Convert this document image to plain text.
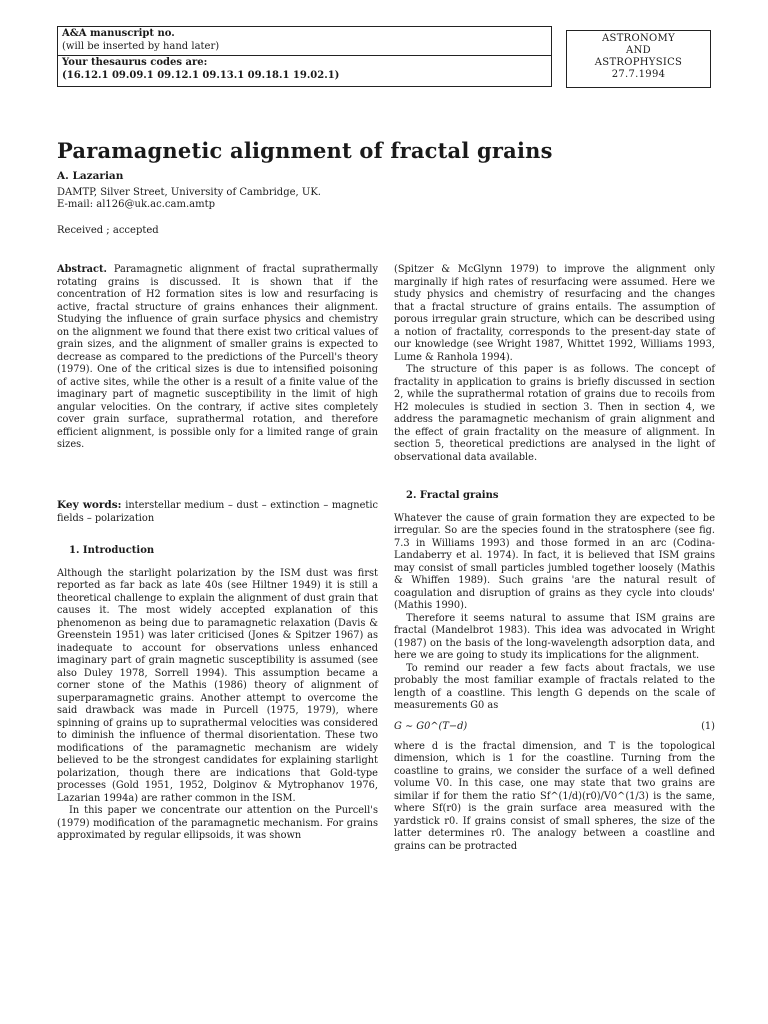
A&A manuscript no.
(will be inserted by hand later)
Your thesaurus codes are:
(16.12.1 09.09.1 09.12.1 09.13.1 09.18.1 19.02.1)
ASTRONOMY
AND
ASTROPHYSICS
27.7.1994
Paramagnetic alignment of fractal grains
A. Lazarian
DAMTP, Silver Street, University of Cambridge, UK.
E-mail: al126@uk.ac.cam.amtp
Received ; accepted

Abstract. Paramagnetic alignment of fractal suprathermally rotating grains is discussed. It is shown that if the concentration of H2 formation sites is low and resurfacing is active, fractal structure of grains enhances their alignment. Studying the influence of grain surface physics and chemistry on the alignment we found that there exist two critical values of grain sizes, and the alignment of smaller grains is expected to decrease as compared to the predictions of the Purcell's theory (1979). One of the critical sizes is due to intensified poisoning of active sites, while the other is a result of a finite value of the imaginary part of magnetic susceptibility in the limit of high angular velocities. On the contrary, if active sites completely cover grain surface, suprathermal rotation, and therefore efficient alignment, is possible only for a limited range of grain sizes.

Key words: interstellar medium – dust – extinction – magnetic fields – polarization

1. Introduction

Although the starlight polarization by the ISM dust was first reported as far back as late 40s (see Hiltner 1949) it is still a theoretical challenge to explain the alignment of dust grain that causes it. The most widely accepted explanation of this phenomenon as being due to paramagnetic relaxation (Davis & Greenstein 1951) was later criticised (Jones & Spitzer 1967) as inadequate to account for observations unless enhanced imaginary part of grain magnetic susceptibility is assumed (see also Duley 1978, Sorrell 1994). This assumption became a corner stone of the Mathis (1986) theory of alignment of superparamagnetic grains. Another attempt to overcome the said drawback was made in Purcell (1975, 1979), where spinning of grains up to suprathermal velocities was considered to diminish the influence of thermal disorientation. These two modifications of the paramagnetic mechanism are widely believed to be the strongest candidates for explaining starlight polarization, though there are indications that Gold-type processes (Gold 1951, 1952, Dolginov & Mytrophanov 1976, Lazarian 1994a) are rather common in the ISM.

In this paper we concentrate our attention on the Purcell's (1979) modification of the paramagnetic mechanism. For grains approximated by regular ellipsoids, it was shown

(Spitzer & McGlynn 1979) to improve the alignment only marginally if high rates of resurfacing were assumed. Here we study physics and chemistry of resurfacing and the changes that a fractal structure of grains entails. The assumption of porous irregular grain structure, which can be described using a notion of fractality, corresponds to the present-day state of our knowledge (see Wright 1987, Whittet 1992, Williams 1993, Lume & Ranhola 1994).

The structure of this paper is as follows. The concept of fractality in application to grains is briefly discussed in section 2, while the suprathermal rotation of grains due to recoils from H2 molecules is studied in section 3. Then in section 4, we address the paramagnetic mechanism of grain alignment and the effect of grain fractality on the measure of alignment. In section 5, theoretical predictions are analysed in the light of observational data available.

2. Fractal grains

Whatever the cause of grain formation they are expected to be irregular. So are the species found in the stratosphere (see fig. 7.3 in Williams 1993) and those formed in an arc (Codina-Landaberry et al. 1974). In fact, it is believed that ISM grains may consist of small particles jumbled together loosely (Mathis & Whiffen 1989). Such grains 'are the natural result of coagulation and disruption of grains as they cycle into clouds' (Mathis 1990).

Therefore it seems natural to assume that ISM grains are fractal (Mandelbrot 1983). This idea was advocated in Wright (1987) on the basis of the long-wavelength adsorption data, and here we are going to study its implications for the alignment.

To remind our reader a few facts about fractals, we use probably the most familiar example of fractals related to the length of a coastline. This length G depends on the scale of measurements G0 as

G ∼ G0^(T−d)	(1)

where d is the fractal dimension, and T is the topological dimension, which is 1 for the coastline. Turning from the coastline to grains, we consider the surface of a well defined volume V0. In this case, one may state that two grains are similar if for them the ratio Sf^(1/d)(r0)/V0^(1/3) is the same, where Sf(r0) is the grain surface area measured with the yardstick r0. If grains consist of small spheres, the size of the latter determines r0. The analogy between a coastline and grains can be protracted
